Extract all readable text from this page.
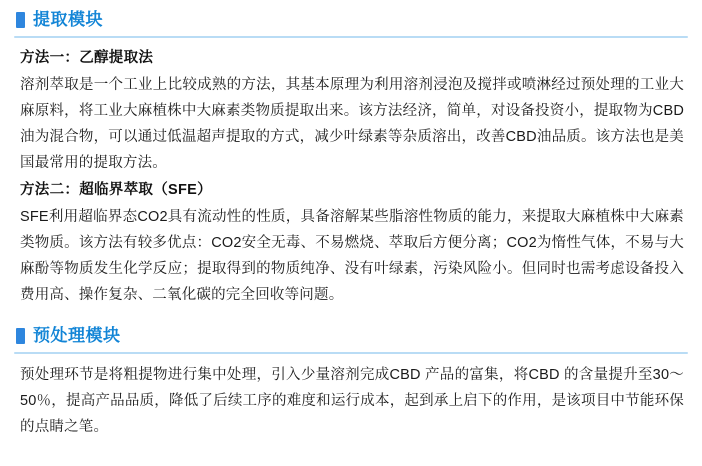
提取模块
方法一：乙醇提取法

溶剂萃取是一个工业上比较成熟的方法，其基本原理为利用溶剂浸泡及搅拌或喷淋经过预处理的工业大麻原料，将工业大麻植株中大麻素类物质提取出来。该方法经济，简单，对设备投资小，提取物为CBD油为混合物，可以通过低温超声提取的方式，减少叶绿素等杂质溶出，改善CBD油品质。该方法也是美国最常用的提取方法。

方法二：超临界萃取（SFE）

SFE利用超临界态CO2具有流动性的性质，具备溶解某些脂溶性物质的能力，来提取大麻植株中大麻素类物质。该方法有较多优点：CO2安全无毒、不易燃烧、萃取后方便分离；CO2为惰性气体，不易与大麻酚等物质发生化学反应；提取得到的物质纯净、没有叶绿素，污染风险小。但同时也需考虑设备投入费用高、操作复杂、二氧化碳的完全回收等问题。

预处理模块

预处理环节是将粗提物进行集中处理，引入少量溶剂完成CBD 产品的富集，将CBD 的含量提升至30～50％，提高产品品质，降低了后续工序的难度和运行成本，起到承上启下的作用，是该项目中节能环保的点睛之笔。
